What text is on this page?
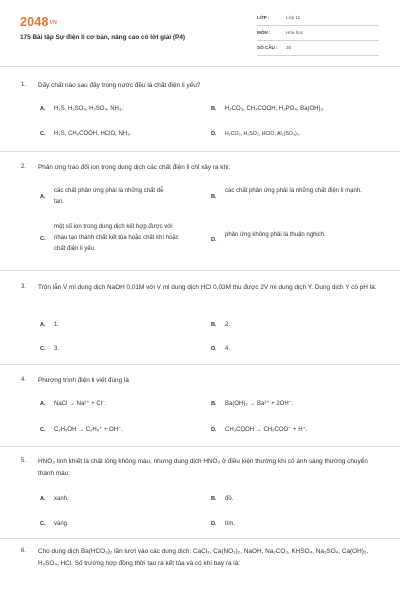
$2048^{VN}$
175 Bài tập Sự điện li cơ bản, nâng cao có lời giải (P4)
LỚP :	Lớp 11
MÔN :	Hóa học
SỐ CÂU : 35
1. Dãy chất nào sau đây trong nước đều là chất điện li yếu?
A. H₂S, H₂SO₃, H₂SO₄, NH₃.	B. H₂CO₃, CH₃COOH, H₃PO₄, Ba(OH)₂.
C. H₂S, CH₃COOH, HClO, NH₃.	D. H₂CO₃, H₂SO₃, HClO, Al₂(SO₄)₃.
2. Phản ứng trao đổi ion trong dung dịch các chất điện li chỉ xảy ra khi:
A.
các chất phản ứng phải là những chất dễ tan.
B.
các chất phản ứng phải là những chất điện li mạnh.
C.
một số ion trong dung dịch kết hợp được với nhau tạo thành chất kết tủa hoặc chất khí hoặc chất điện li yếu.
D.
phản ứng không phải là thuận nghịch.
3. Trộn lẫn V ml dung dịch NaOH 0,01M với V ml dung dịch HCl 0,03M thu được 2V ml dung dịch Y. Dung dịch Y có pH là:
A. 1.	B. 2.
C. 3.	D. 4.
4. Phương trình điện li viết đúng là
A. NaCl → Na²⁺ + Cl⁻.	B. Ba(OH)₂ → Ba²⁺ + 2OH⁻.
C. C₂H₅OH → C₂H₅⁺ + OH⁻.	D. CH₃COOH → CH₃COO⁻ + H⁺.
5. HNO₃ tinh khiết là chất lỏng không màu, nhưng dung dịch HNO₃ ở điều kiện thường khi có ánh sáng thường chuyển thành màu:
A. xanh.	B. đỏ.
C. vàng.	D. tím.
6. Cho dung dịch Ba(HCO₃)₂ lần lượt vào các dung dịch: CaCl₂, Ca(NO₃)₂, NaOH, Na₂CO₃, KHSO₄, Na₂SO₄, Ca(OH)₂, H₂SO₄, HCl. Số trường hợp đồng thời tạo ra kết tủa và có khí bay ra là:
